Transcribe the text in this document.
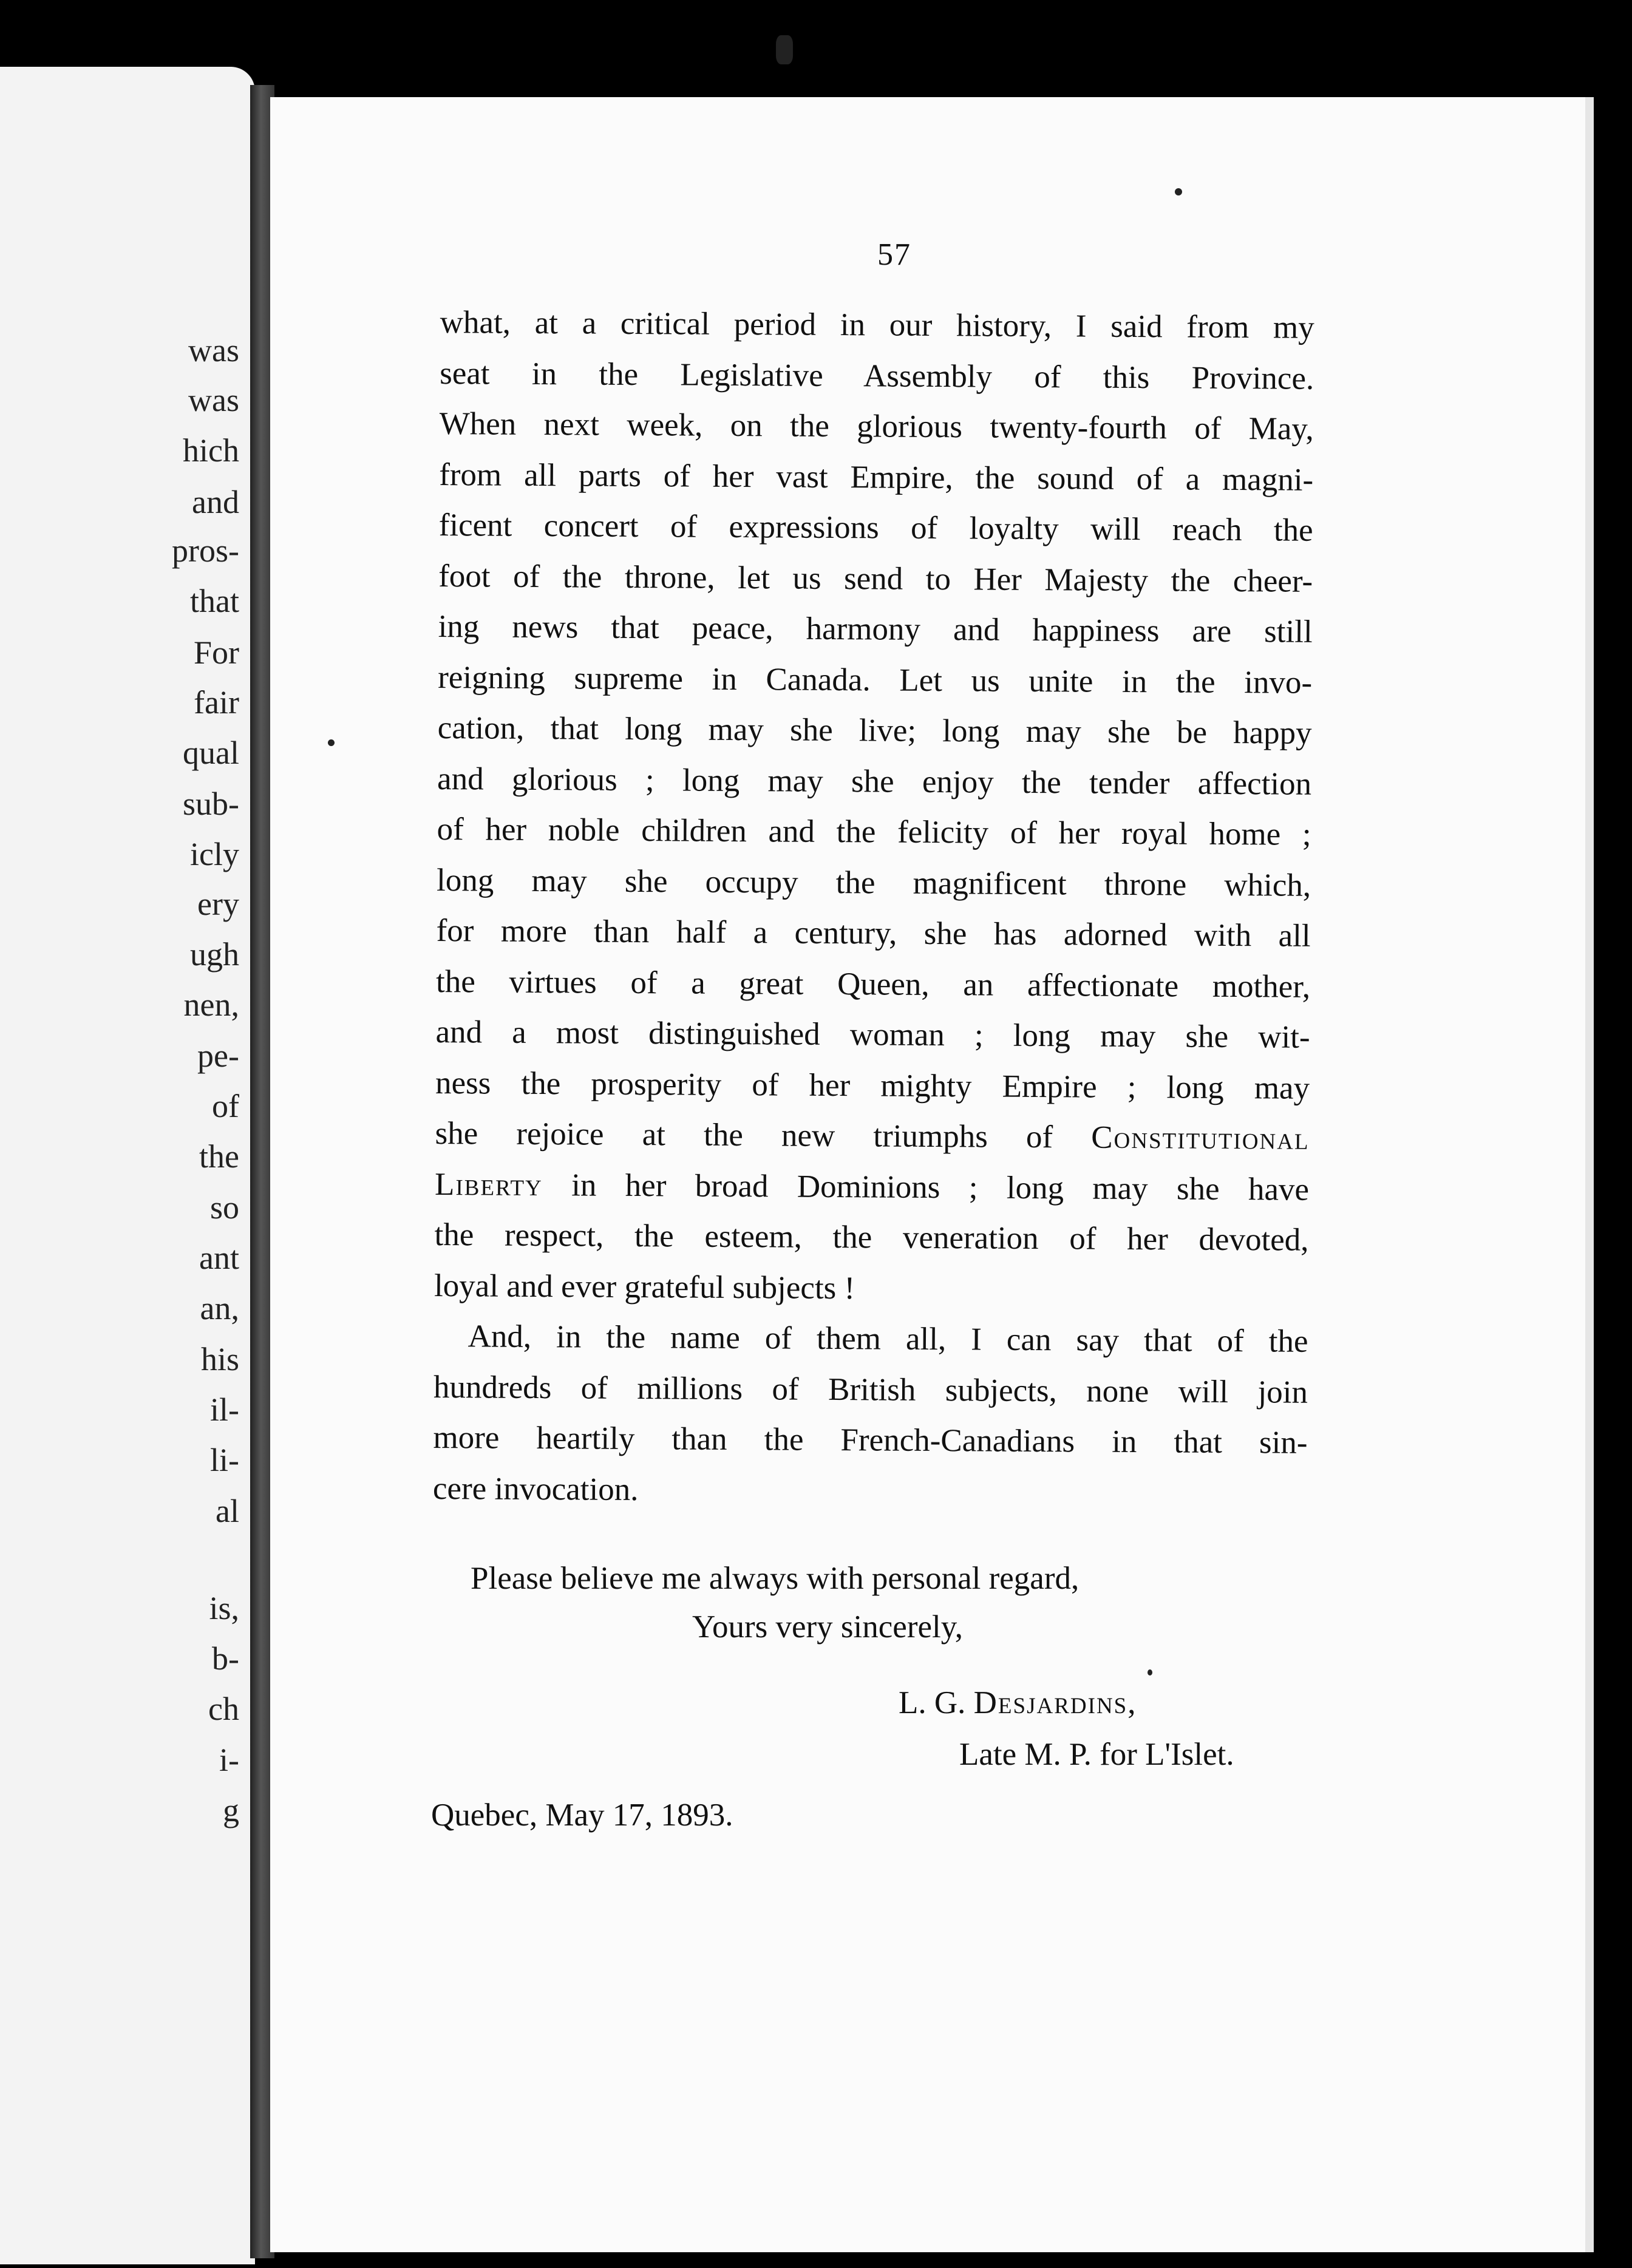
was
was
hich
and
pros-
that
For
fair
qual
sub-
icly
ery
ugh
nen,
pe-
of
the
so
ant
an,
his
il-
li-
al
is,
b-
ch
i-
g
57
what, at a critical period in our history, I said from my
seat in the Legislative Assembly of this Province.
When next week, on the glorious twenty-fourth of May,
from all parts of her vast Empire, the sound of a magni-
ficent concert of expressions of loyalty will reach the
foot of the throne, let us send to Her Majesty the cheer-
ing news that peace, harmony and happiness are still
reigning supreme in Canada. Let us unite in the invo-
cation, that long may she live; long may she be happy
and glorious ; long may she enjoy the tender affection
of her noble children and the felicity of her royal home ;
long may she occupy the magnificent throne which,
for more than half a century, she has adorned with all
the virtues of a great Queen, an affectionate mother,
and a most distinguished woman ; long may she wit-
ness the prosperity of her mighty Empire ; long may
she rejoice at the new triumphs of Constitutional
Liberty in her broad Dominions ; long may she have
the respect, the esteem, the veneration of her devoted,
loyal and ever grateful subjects !
And, in the name of them all, I can say that of the
hundreds of millions of British subjects, none will join
more heartily than the French-Canadians in that sin-
cere invocation.
Please believe me always with personal regard,
Yours very sincerely,
L. G. Desjardins,
Late M. P. for L'Islet.
Quebec, May 17, 1893.
